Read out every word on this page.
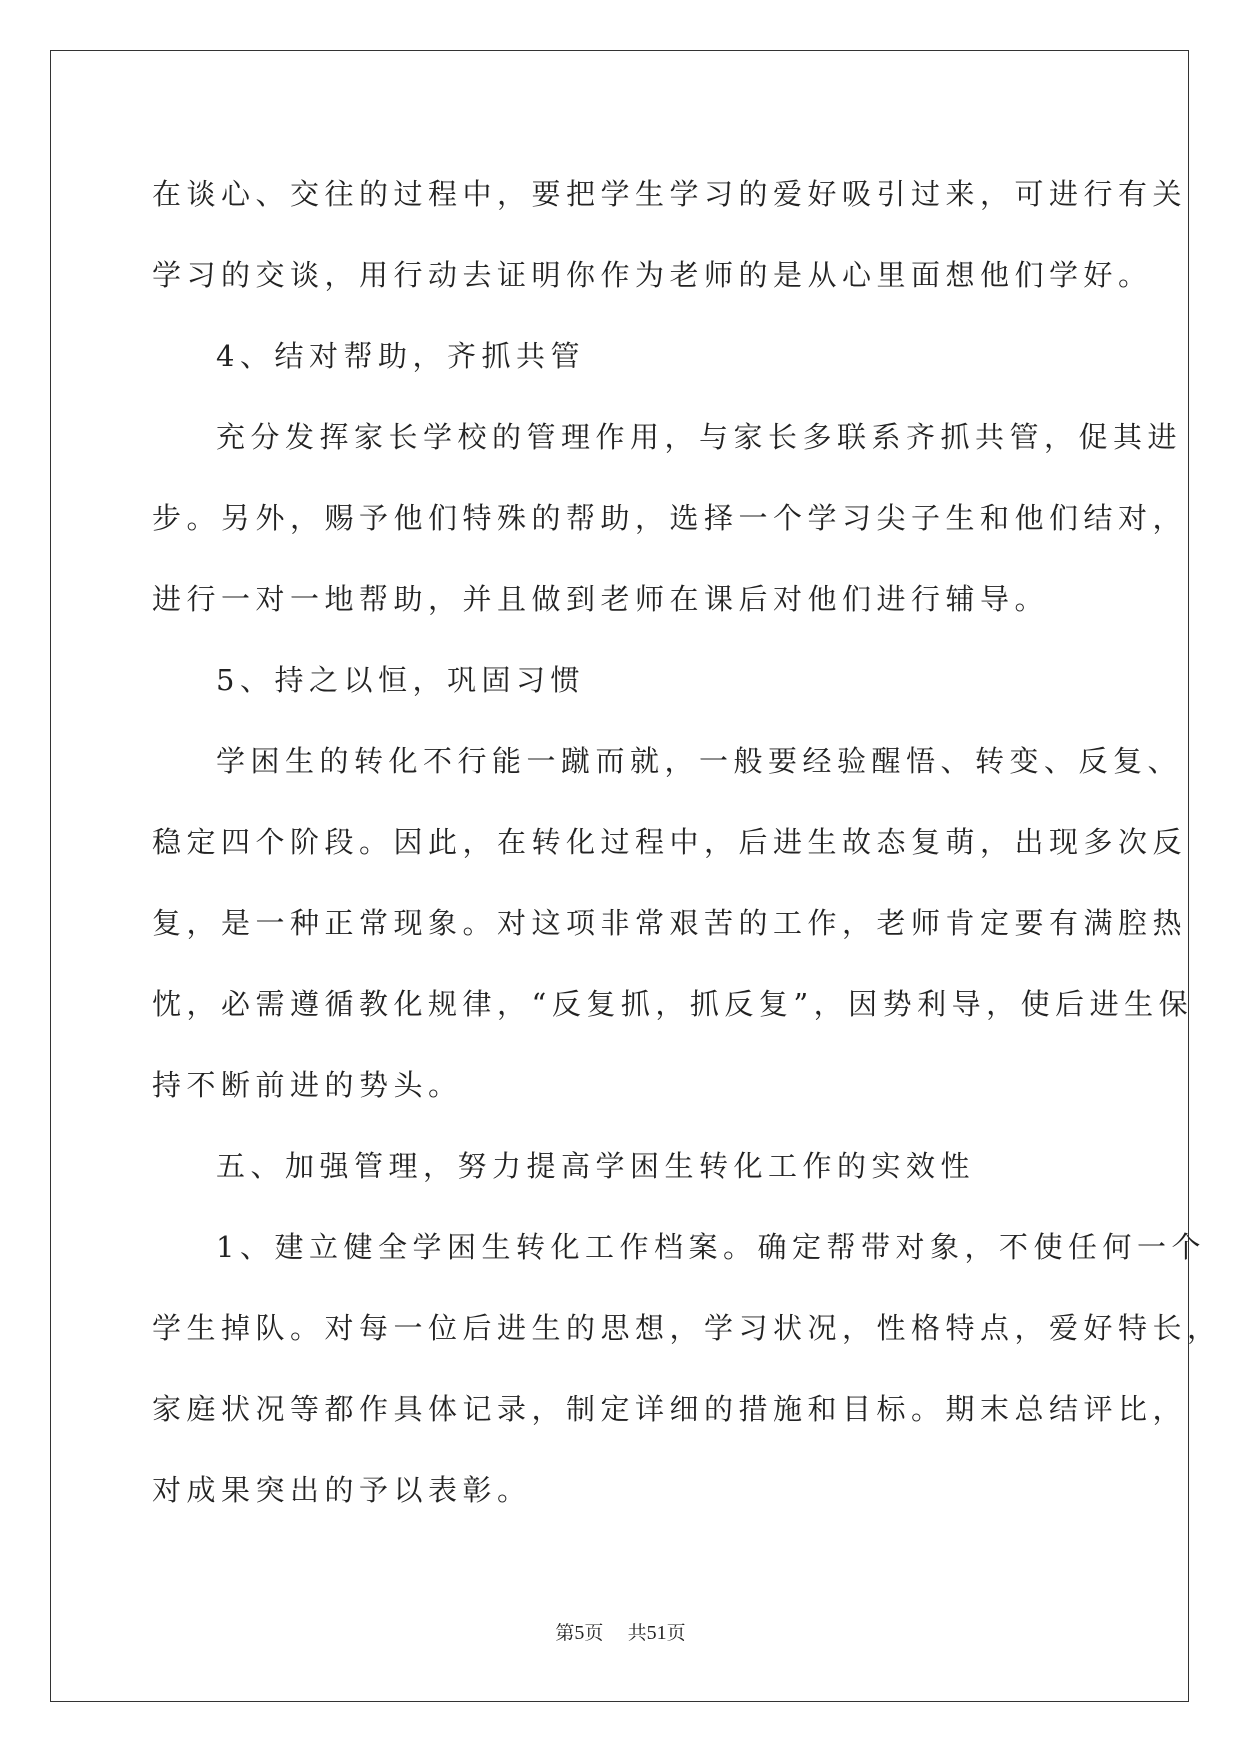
在谈心、交往的过程中，要把学生学习的爱好吸引过来，可进行有关

学习的交谈，用行动去证明你作为老师的是从心里面想他们学好。

4、结对帮助，齐抓共管

充分发挥家长学校的管理作用，与家长多联系齐抓共管，促其进

步。另外，赐予他们特殊的帮助，选择一个学习尖子生和他们结对，

进行一对一地帮助，并且做到老师在课后对他们进行辅导。

5、持之以恒，巩固习惯

学困生的转化不行能一蹴而就，一般要经验醒悟、转变、反复、

稳定四个阶段。因此，在转化过程中，后进生故态复萌，出现多次反

复，是一种正常现象。对这项非常艰苦的工作，老师肯定要有满腔热

忱，必需遵循教化规律，“反复抓，抓反复”，因势利导，使后进生保

持不断前进的势头。

五、加强管理，努力提高学困生转化工作的实效性

1、建立健全学困生转化工作档案。确定帮带对象，不使任何一个

学生掉队。对每一位后进生的思想，学习状况，性格特点，爱好特长，

家庭状况等都作具体记录，制定详细的措施和目标。期末总结评比，

对成果突出的予以表彰。

第5页 共51页
